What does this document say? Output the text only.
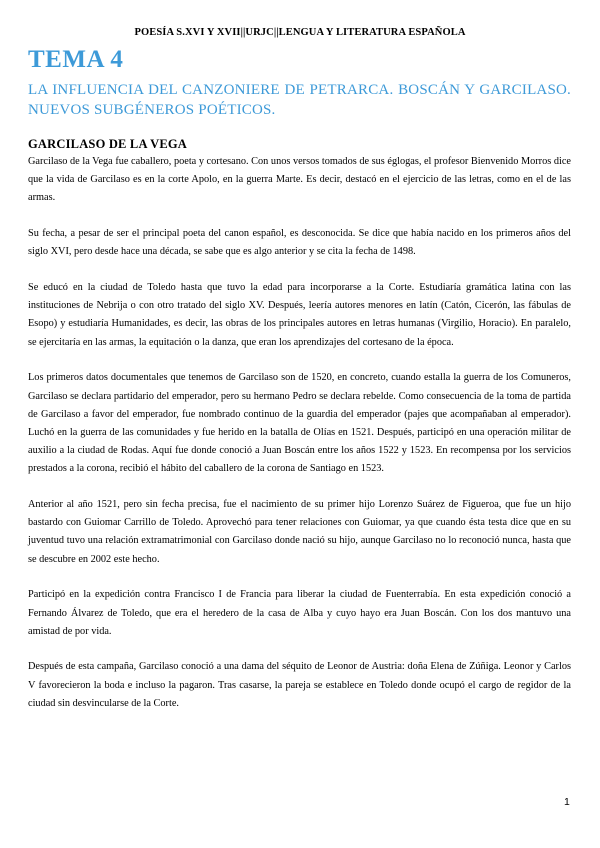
POESÍA S.XVI Y XVII||URJC||LENGUA Y LITERATURA ESPAÑOLA
TEMA 4
LA INFLUENCIA DEL CANZONIERE DE PETRARCA. BOSCÁN Y GARCILASO. NUEVOS SUBGÉNEROS POÉTICOS.
GARCILASO DE LA VEGA

Garcilaso de la Vega fue caballero, poeta y cortesano. Con unos versos tomados de sus églogas, el profesor Bienvenido Morros dice que la vida de Garcilaso es en la corte Apolo, en la guerra Marte. Es decir, destacó en el ejercicio de las letras, como en el de las armas.

Su fecha, a pesar de ser el principal poeta del canon español, es desconocida. Se dice que había nacido en los primeros años del siglo XVI, pero desde hace una década, se sabe que es algo anterior y se cita la fecha de 1498.

Se educó en la ciudad de Toledo hasta que tuvo la edad para incorporarse a la Corte. Estudiaría gramática latina con las instituciones de Nebrija o con otro tratado del siglo XV. Después, leería autores menores en latín (Catón, Cicerón, las fábulas de Esopo) y estudiaría Humanidades, es decir, las obras de los principales autores en letras humanas (Virgilio, Horacio). En paralelo, se ejercitaría en las armas, la equitación o la danza, que eran los aprendizajes del cortesano de la época.

Los primeros datos documentales que tenemos de Garcilaso son de 1520, en concreto, cuando estalla la guerra de los Comuneros, Garcilaso se declara partidario del emperador, pero su hermano Pedro se declara rebelde. Como consecuencia de la toma de partida de Garcilaso a favor del emperador, fue nombrado continuo de la guardia del emperador (pajes que acompañaban al emperador). Luchó en la guerra de las comunidades y fue herido en la batalla de Olías en 1521. Después, participó en una operación militar de auxilio a la ciudad de Rodas. Aquí fue donde conoció a Juan Boscán entre los años 1522 y 1523. En recompensa por los servicios prestados a la corona, recibió el hábito del caballero de la corona de Santiago en 1523.

Anterior al año 1521, pero sin fecha precisa, fue el nacimiento de su primer hijo Lorenzo Suárez de Figueroa, que fue un hijo bastardo con Guiomar Carrillo de Toledo. Aprovechó para tener relaciones con Guiomar, ya que cuando ésta testa dice que en su juventud tuvo una relación extramatrimonial con Garcilaso donde nació su hijo, aunque Garcilaso no lo reconoció nunca, hasta que se descubre en 2002 este hecho.

Participó en la expedición contra Francisco I de Francia para liberar la ciudad de Fuenterrabía. En esta expedición conoció a Fernando Álvarez de Toledo, que era el heredero de la casa de Alba y cuyo hayo era Juan Boscán. Con los dos mantuvo una amistad de por vida.

Después de esta campaña, Garcilaso conoció a una dama del séquito de Leonor de Austria: doña Elena de Zúñiga. Leonor y Carlos V favorecieron la boda e incluso la pagaron. Tras casarse, la pareja se establece en Toledo donde ocupó el cargo de regidor de la ciudad sin desvincularse de la Corte.

1
